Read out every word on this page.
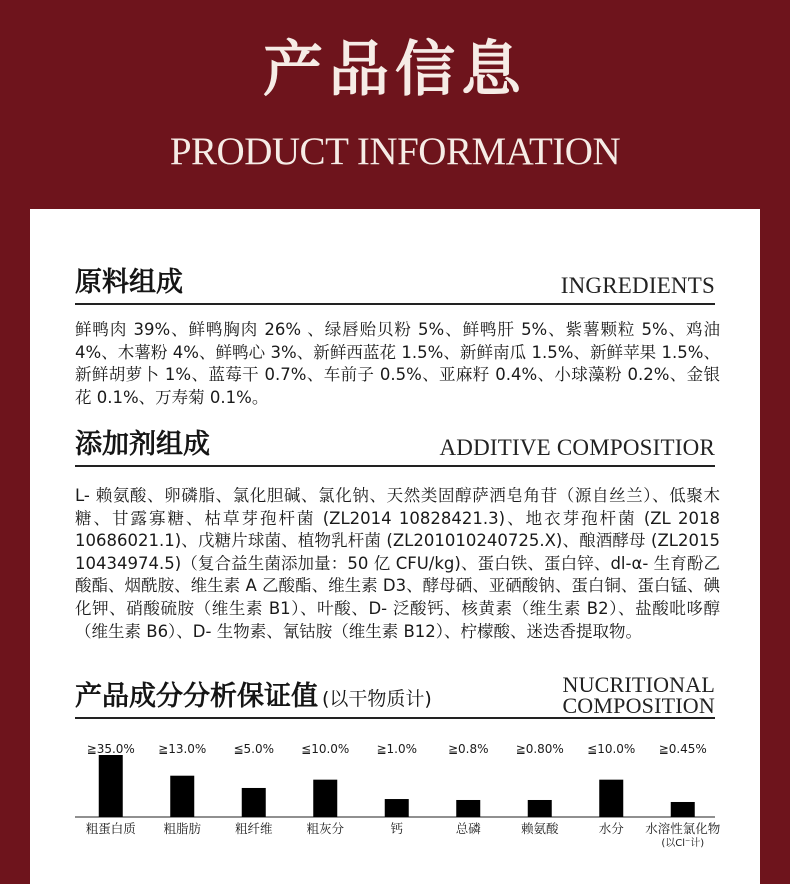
产品信息
PRODUCT INFORMATION
原料组成	INGREDIENTS
鲜鸭肉 39%、鲜鸭胸肉 26% 、绿唇贻贝粉 5%、鲜鸭肝 5%、紫薯颗粒 5%、鸡油 4%、木薯粉 4%、鲜鸭心 3%、新鲜西蓝花 1.5%、新鲜南瓜 1.5%、新鲜苹果 1.5%、新鲜胡萝卜 1%、蓝莓干 0.7%、车前子 0.5%、亚麻籽 0.4%、小球藻粉 0.2%、金银花 0.1%、万寿菊 0.1%。
添加剂组成	ADDITIVE COMPOSITIOR
L- 赖氨酸、卵磷脂、氯化胆碱、氯化钠、天然类固醇萨洒皂角苷（源自丝兰）、低聚木糖、甘露寡糖、枯草芽孢杆菌 (ZL2014 10828421.3)、地衣芽孢杆菌 (ZL 2018 10686021.1)、戊糖片球菌、植物乳杆菌 (ZL201010240725.X)、酿酒酵母 (ZL2015 10434974.5)（复合益生菌添加量：50 亿 CFU/kg)、蛋白铁、蛋白锌、dl-α- 生育酚乙酸酯、烟酰胺、维生素 A 乙酸酯、维生素 D3、酵母硒、亚硒酸钠、蛋白铜、蛋白锰、碘化钾、硝酸硫胺（维生素 B1）、叶酸、D- 泛酸钙、核黄素（维生素 B2）、盐酸吡哆醇（维生素 B6）、D- 生物素、氰钴胺（维生素 B12）、柠檬酸、迷迭香提取物。
产品成分分析保证值 (以干物质计)
NUCRITIONAL
COMPOSITION
≧35.0%
粗蛋白质
≧13.0%
粗脂肪
≦5.0%
粗纤维
≦10.0%
粗灰分
≧1.0%
钙
≧0.8%
总磷
≧0.80%
赖氨酸
≦10.0%
水分
≧0.45%
水溶性氯化物
(以Cl⁻计)
